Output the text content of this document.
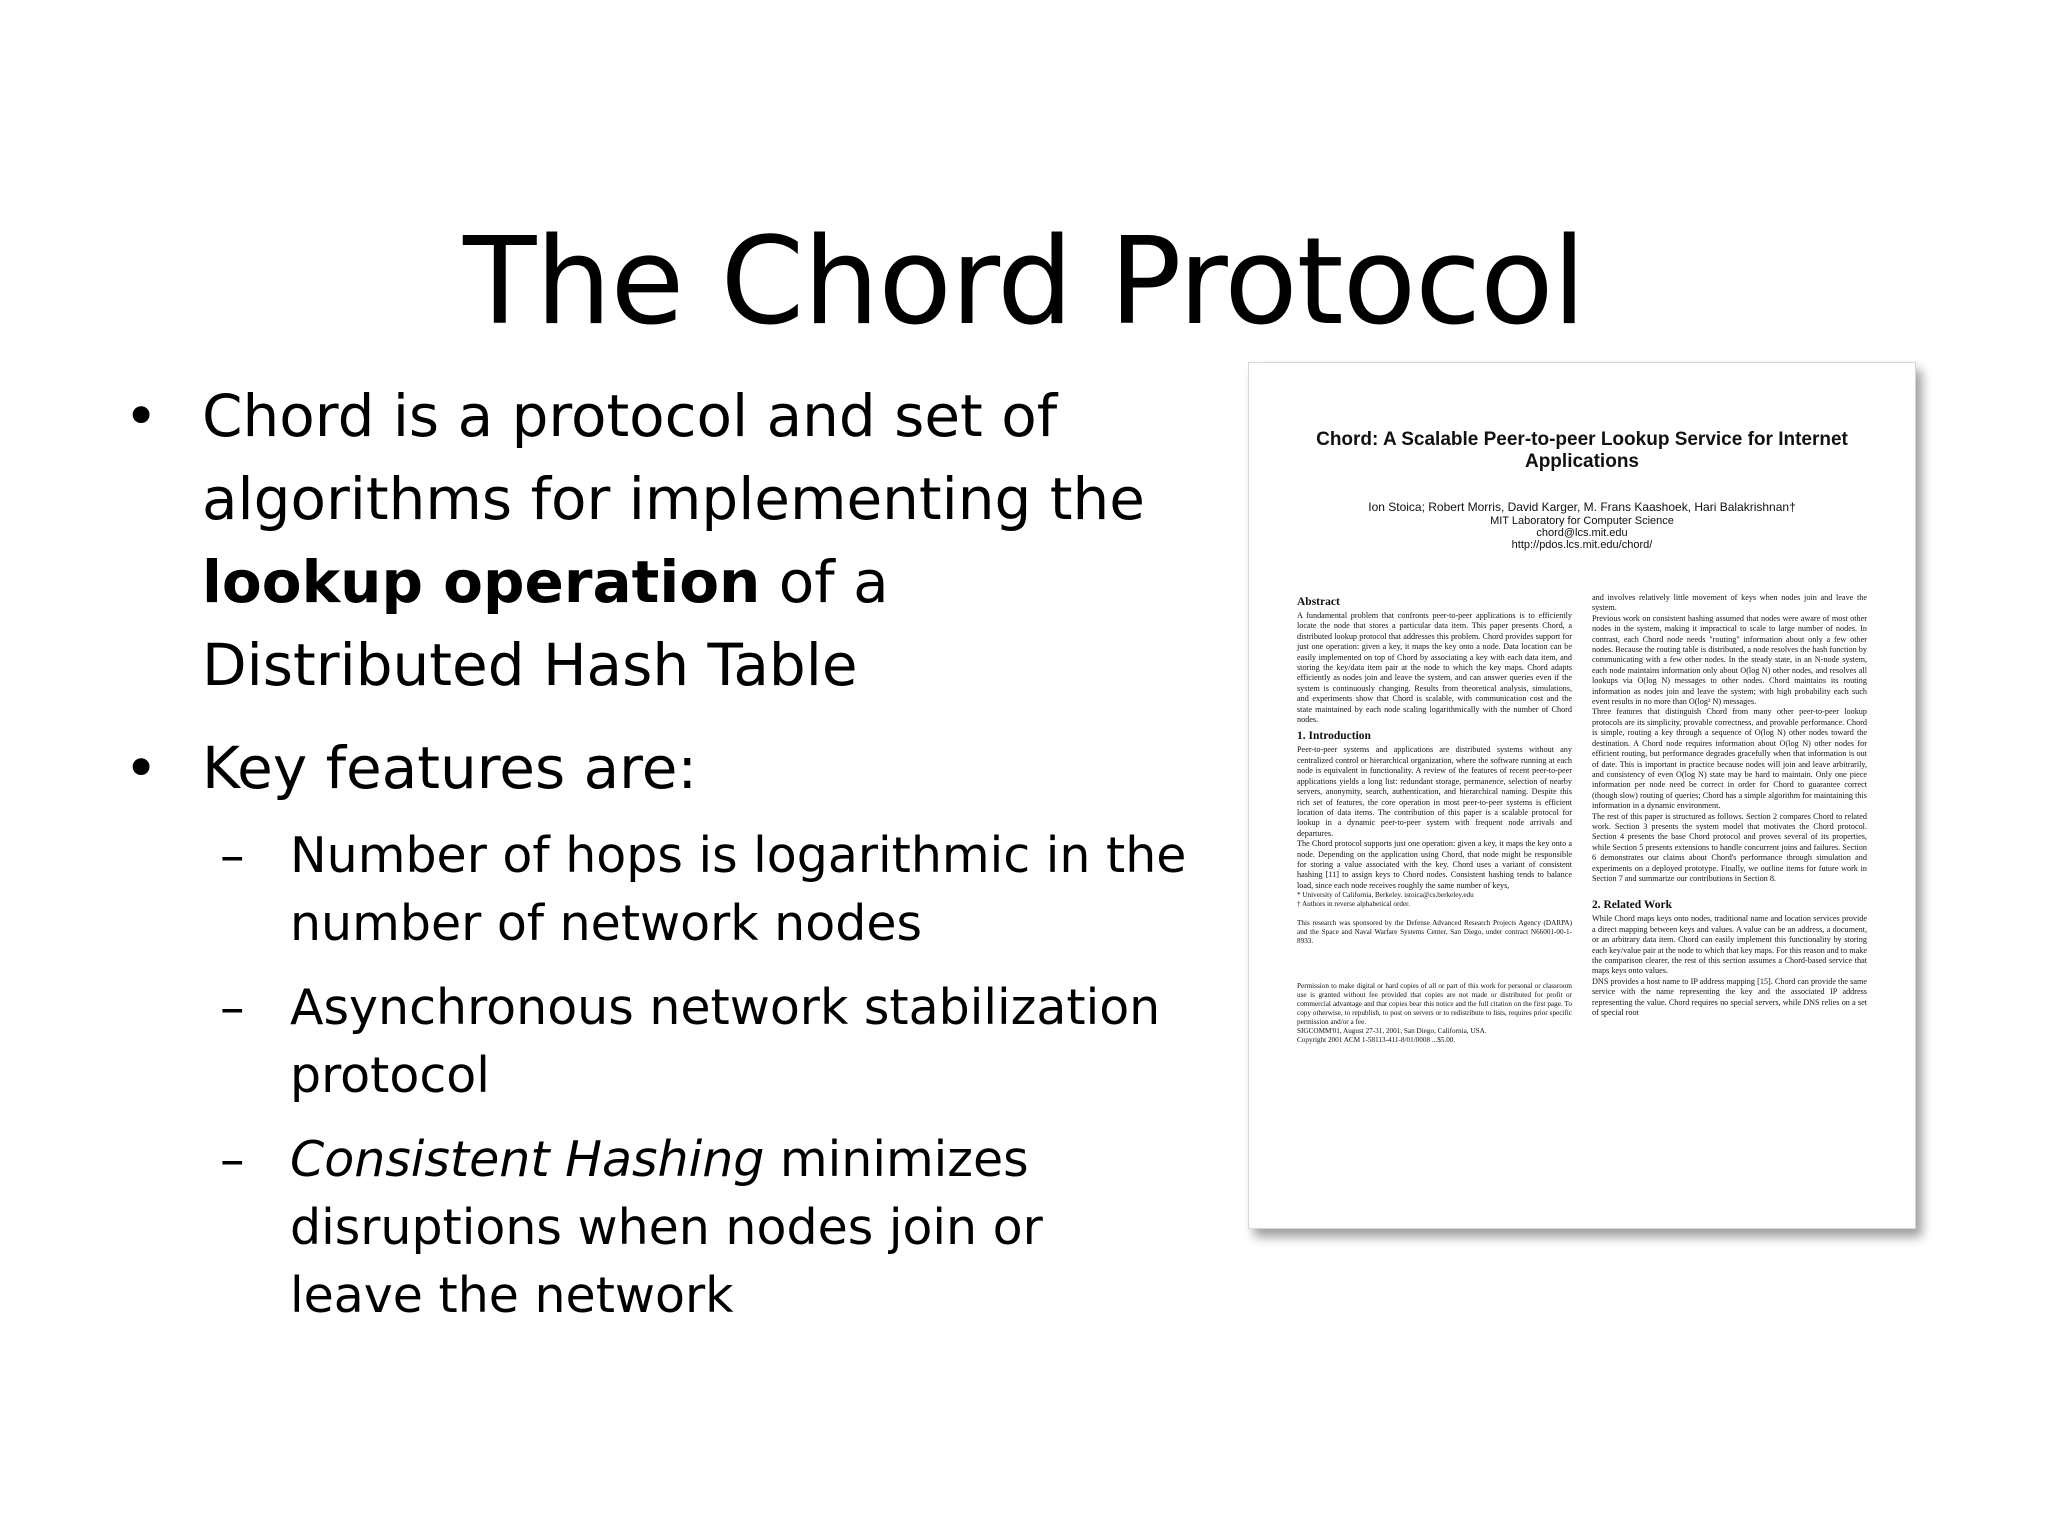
The Chord Protocol
• Chord is a protocol and set of algorithms for implementing the lookup operation of a Distributed Hash Table
• Key features are:
– Number of hops is logarithmic in the number of network nodes
– Asynchronous network stabilization protocol
– Consistent Hashing minimizes disruptions when nodes join or leave the network
Chord: A Scalable Peer-to-peer Lookup Service for Internet Applications
Ion Stoica; Robert Morris, David Karger, M. Frans Kaashoek, Hari Balakrishnan†
MIT Laboratory for Computer Science
chord@lcs.mit.edu
http://pdos.lcs.mit.edu/chord/
Abstract

A fundamental problem that confronts peer-to-peer applications is to efficiently locate the node that stores a particular data item. This paper presents Chord, a distributed lookup protocol that addresses this problem. Chord provides support for just one operation: given a key, it maps the key onto a node. Data location can be easily implemented on top of Chord by associating a key with each data item, and storing the key/data item pair at the node to which the key maps. Chord adapts efficiently as nodes join and leave the system, and can answer queries even if the system is continuously changing. Results from theoretical analysis, simulations, and experiments show that Chord is scalable, with communication cost and the state maintained by each node scaling logarithmically with the number of Chord nodes.

1. Introduction

Peer-to-peer systems and applications are distributed systems without any centralized control or hierarchical organization, where the software running at each node is equivalent in functionality. A review of the features of recent peer-to-peer applications yields a long list: redundant storage, permanence, selection of nearby servers, anonymity, search, authentication, and hierarchical naming. Despite this rich set of features, the core operation in most peer-to-peer systems is efficient location of data items. The contribution of this paper is a scalable protocol for lookup in a dynamic peer-to-peer system with frequent node arrivals and departures.

The Chord protocol supports just one operation: given a key, it maps the key onto a node. Depending on the application using Chord, that node might be responsible for storing a value associated with the key. Chord uses a variant of consistent hashing [11] to assign keys to Chord nodes. Consistent hashing tends to balance load, since each node receives roughly the same number of keys,

* University of California, Berkeley. istoica@cs.berkeley.edu
† Authors in reverse alphabetical order.
This research was sponsored by the Defense Advanced Research Projects Agency (DARPA) and the Space and Naval Warfare Systems Center, San Diego, under contract N66001-00-1-8933.
Permission to make digital or hard copies of all or part of this work for personal or classroom use is granted without fee provided that copies are not made or distributed for profit or commercial advantage and that copies bear this notice and the full citation on the first page. To copy otherwise, to republish, to post on servers or to redistribute to lists, requires prior specific permission and/or a fee.
SIGCOMM'01, August 27-31, 2001, San Diego, California, USA.
Copyright 2001 ACM 1-58113-411-8/01/0008 ...$5.00.

and involves relatively little movement of keys when nodes join and leave the system.

Previous work on consistent hashing assumed that nodes were aware of most other nodes in the system, making it impractical to scale to large number of nodes. In contrast, each Chord node needs "routing" information about only a few other nodes. Because the routing table is distributed, a node resolves the hash function by communicating with a few other nodes. In the steady state, in an N-node system, each node maintains information only about O(log N) other nodes, and resolves all lookups via O(log N) messages to other nodes. Chord maintains its routing information as nodes join and leave the system; with high probability each such event results in no more than O(log² N) messages.

Three features that distinguish Chord from many other peer-to-peer lookup protocols are its simplicity, provable correctness, and provable performance. Chord is simple, routing a key through a sequence of O(log N) other nodes toward the destination. A Chord node requires information about O(log N) other nodes for efficient routing, but performance degrades gracefully when that information is out of date. This is important in practice because nodes will join and leave arbitrarily, and consistency of even O(log N) state may be hard to maintain. Only one piece information per node need be correct in order for Chord to guarantee correct (though slow) routing of queries; Chord has a simple algorithm for maintaining this information in a dynamic environment.

The rest of this paper is structured as follows. Section 2 compares Chord to related work. Section 3 presents the system model that motivates the Chord protocol. Section 4 presents the base Chord protocol and proves several of its properties, while Section 5 presents extensions to handle concurrent joins and failures. Section 6 demonstrates our claims about Chord's performance through simulation and experiments on a deployed prototype. Finally, we outline items for future work in Section 7 and summarize our contributions in Section 8.

2. Related Work

While Chord maps keys onto nodes, traditional name and location services provide a direct mapping between keys and values. A value can be an address, a document, or an arbitrary data item. Chord can easily implement this functionality by storing each key/value pair at the node to which that key maps. For this reason and to make the comparison clearer, the rest of this section assumes a Chord-based service that maps keys onto values.

DNS provides a host name to IP address mapping [15]. Chord can provide the same service with the name representing the key and the associated IP address representing the value. Chord requires no special servers, while DNS relies on a set of special root
